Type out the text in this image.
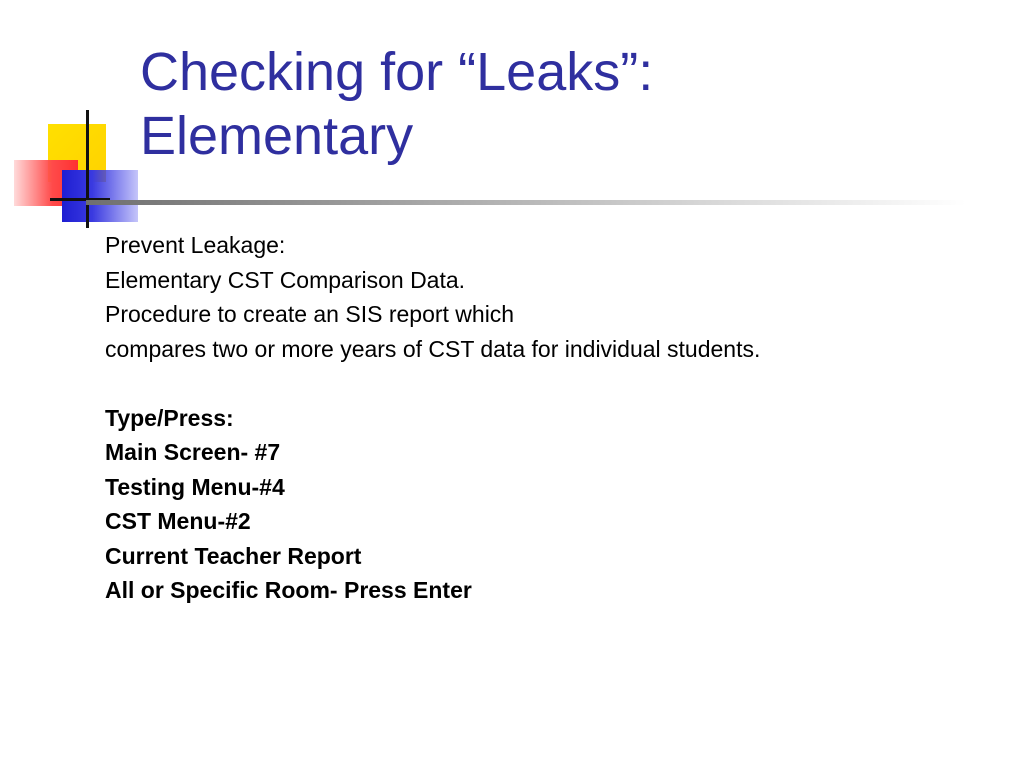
Checking for “Leaks”:
Elementary
Prevent Leakage:
Elementary CST Comparison Data.
Procedure to create an SIS report which
compares two or more years of CST data for individual students.
Type/Press:
Main Screen- #7
Testing Menu-#4
CST Menu-#2
Current Teacher Report
All or Specific Room- Press Enter
